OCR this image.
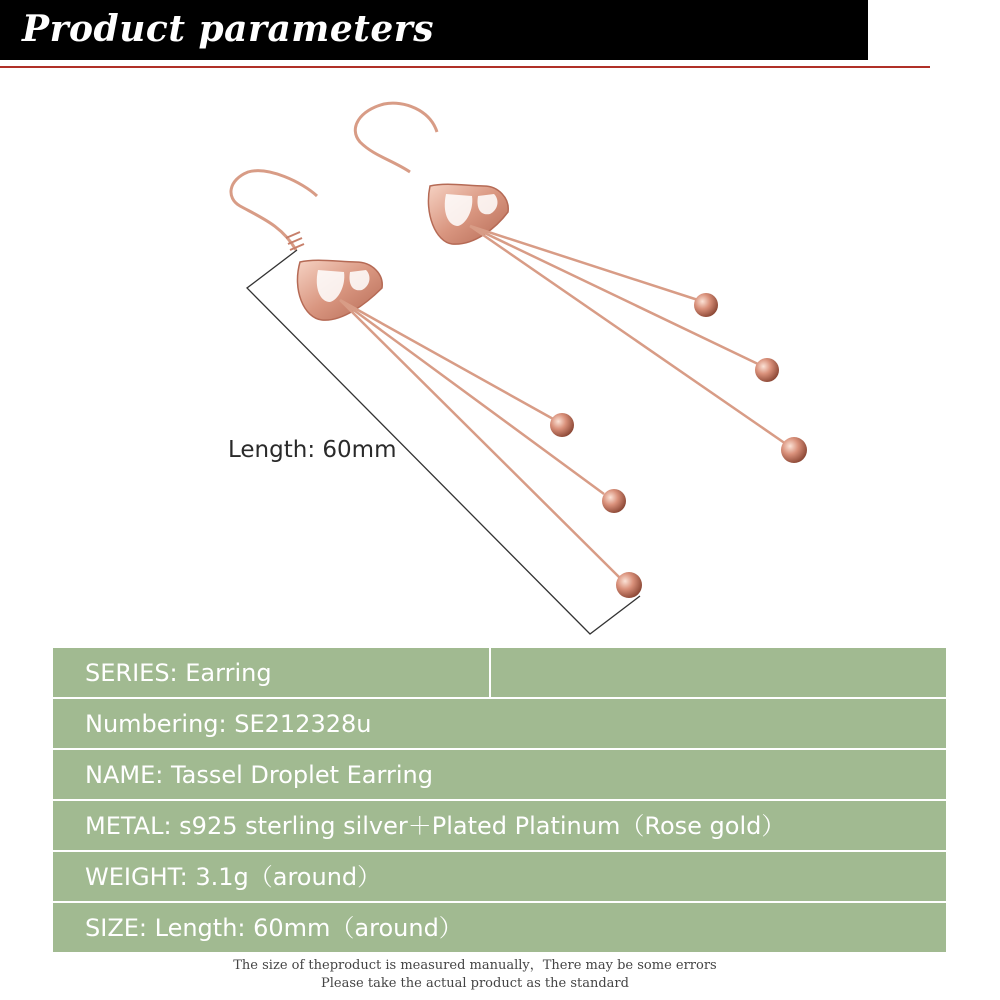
Product parameters
Length: 60mm
SERIES: Earring
Numbering: SE212328u
NAME: Tassel Droplet Earring
METAL: s925 sterling silver＋Plated Platinum（Rose gold）
WEIGHT: 3.1g（around）
SIZE: Length: 60mm（around）
The size of theproduct is measured manually，There may be some errors
Please take the actual product as the standard
